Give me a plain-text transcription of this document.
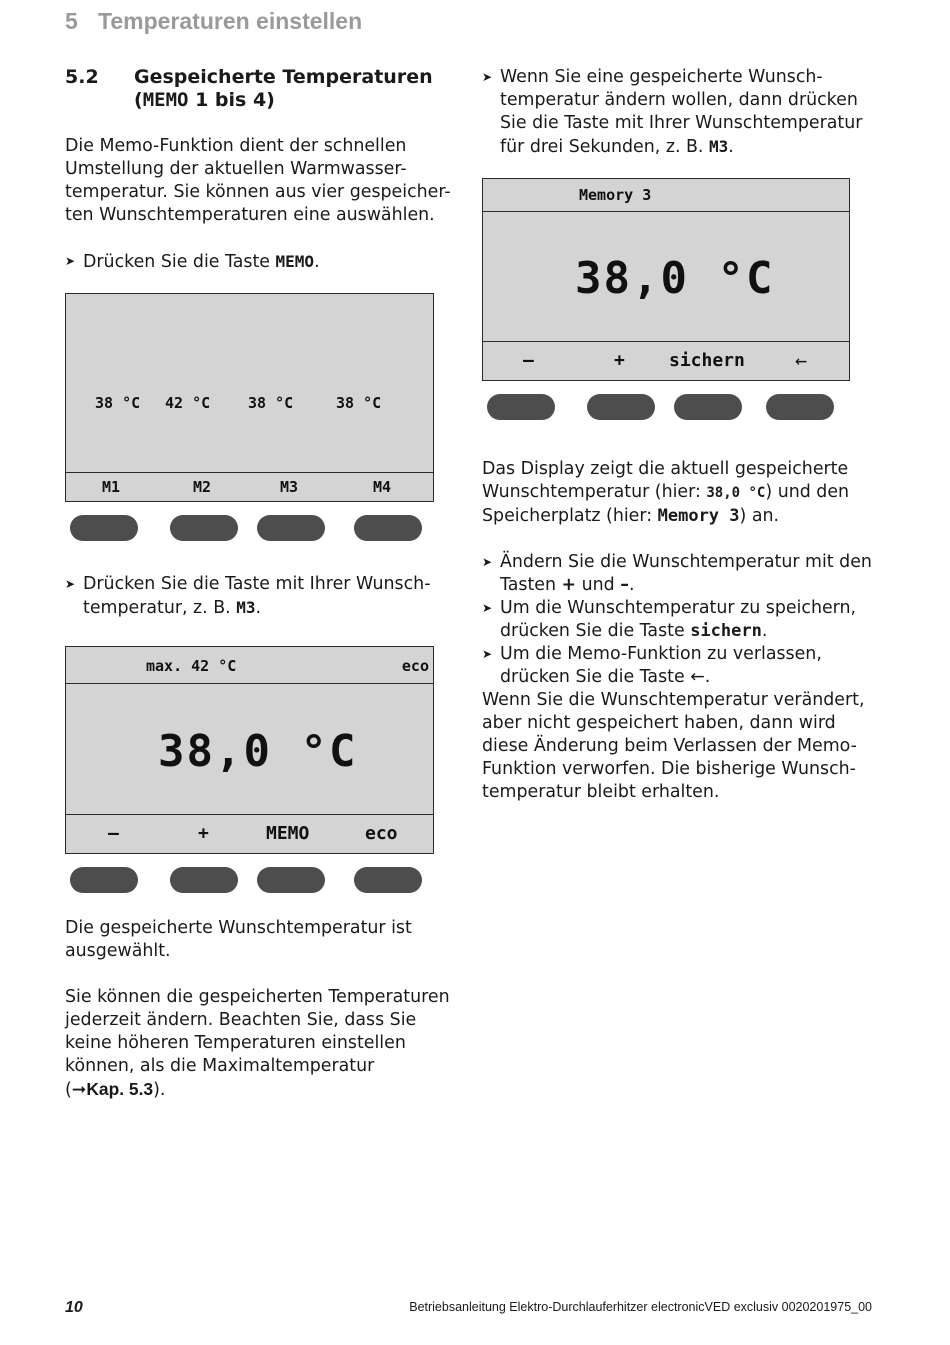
5 Temperaturen einstellen
5.2	Gespeicherte Temperaturen
(MEMO 1 bis 4)

Die Memo-Funktion dient der schnellen Umstellung der aktuellen Warmwasser-temperatur. Sie können aus vier gespeicher-ten Wunschtemperaturen eine auswählen.

➤ Drücken Sie die Taste MEMO.

38 °C 42 °C	38 °C	38 °C
M1	M2	M3	M4

➤ Drücken Sie die Taste mit Ihrer Wunsch-temperatur, z. B. M3.

max. 42 °C	eco
38,0 °C
–	+	MEMO	eco

Die gespeicherte Wunschtemperatur ist ausgewählt.

Sie können die gespeicherten Temperaturen jederzeit ändern. Beachten Sie, dass Sie keine höheren Temperaturen einstellen können, als die Maximaltemperatur
(➞Kap. 5.3).

➤ Wenn Sie eine gespeicherte Wunsch-temperatur ändern wollen, dann drücken Sie die Taste mit Ihrer Wunschtemperatur für drei Sekunden, z. B. M3.

Memory 3
38,0 °C
–	+ sichern	←

Das Display zeigt die aktuell gespeicherte Wunschtemperatur (hier: 38,0 °C) und den Speicherplatz (hier: Memory 3) an.

➤ Ändern Sie die Wunschtemperatur mit den Tasten + und –.

➤ Um die Wunschtemperatur zu speichern, drücken Sie die Taste sichern.

➤ Um die Memo-Funktion zu verlassen, drücken Sie die Taste ←.

Wenn Sie die Wunschtemperatur verändert, aber nicht gespeichert haben, dann wird diese Änderung beim Verlassen der Memo-Funktion verworfen. Die bisherige Wunsch-temperatur bleibt erhalten.

10	Betriebsanleitung Elektro-Durchlauferhitzer electronicVED exclusiv 0020201975_00
